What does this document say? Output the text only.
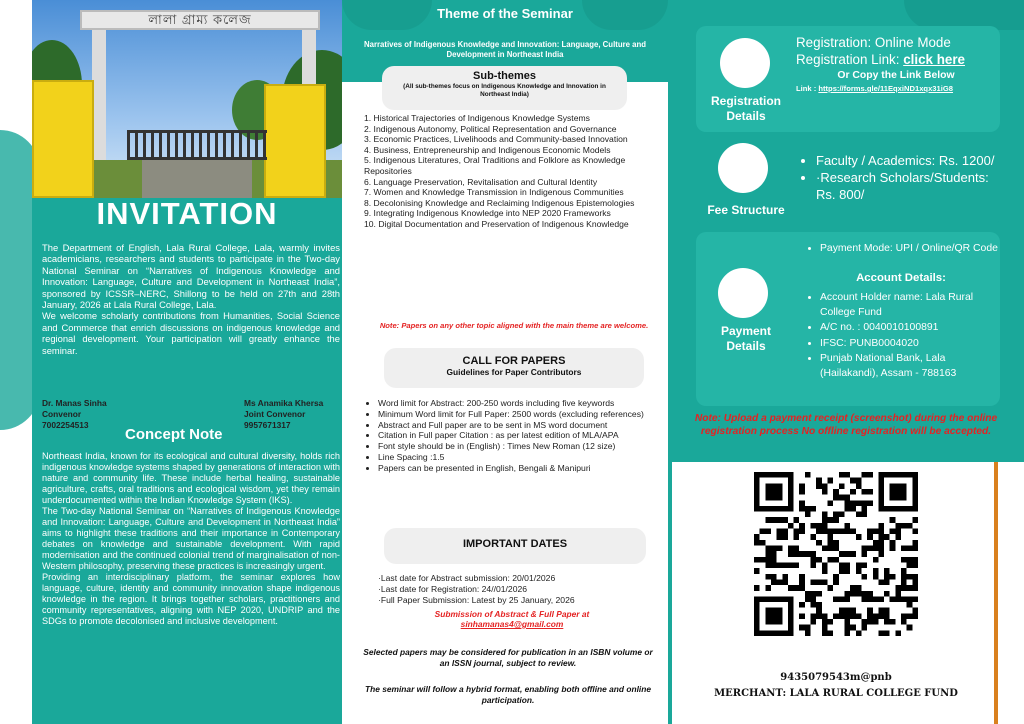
লালা গ্ৰাম্য কলেজ
INVITATION

The Department of English, Lala Rural College, Lala, warmly invites academicians, researchers and students to participate in the Two-day National Seminar on “Narratives of Indigenous Knowledge and Innovation: Language, Culture and Development in Northeast India”, sponsored by ICSSR–NERC, Shillong to be held on 27th and 28th January, 2026 at Lala Rural College, Lala.

We welcome scholarly contributions from Humanities, Social Science and Commerce that enrich discussions on indigenous knowledge and regional development. Your participation will greatly enhance the seminar.

Dr. Manas Sinha
Convenor
7002254513
Ms Anamika Khersa
Joint Convenor
9957671317
Concept Note

Northeast India, known for its ecological and cultural diversity, holds rich indigenous knowledge systems shaped by generations of interaction with nature and community life. These include herbal healing, sustainable agriculture, crafts, oral traditions and ecological wisdom, yet they remain underdocumented within the Indian Knowledge System (IKS).

The Two-day National Seminar on “Narratives of Indigenous Knowledge and Innovation: Language, Culture and Development in Northeast India” aims to highlight these traditions and their importance in Contemporary debates on knowledge and sustainable development. With rapid modernisation and the continued colonial trend of marginalisation of non-Western philosophy, preserving these practices is increasingly urgent.

Providing an interdisciplinary platform, the seminar explores how language, culture, identity and community innovation shape indigenous knowledge in the region. It brings together scholars, practitioners and community representatives, aligning with NEP 2020, UNDRIP and the SDGs to promote decolonised and inclusive development.

Theme of the Seminar
Narratives of Indigenous Knowledge and Innovation: Language, Culture and Development in Northeast India
Sub-themes
(All sub-themes focus on Indigenous Knowledge and Innovation in Northeast India)
1. Historical Trajectories of Indigenous Knowledge Systems
2. Indigenous Autonomy, Political Representation and Governance
3. Economic Practices, Livelihoods and Community-based Innovation
4. Business, Entrepreneurship and Indigenous Economic Models
5. Indigenous Literatures, Oral Traditions and Folklore as Knowledge Repositories
6. Language Preservation, Revitalisation and Cultural Identity
7. Women and Knowledge Transmission in Indigenous Communities
8. Decolonising Knowledge and Reclaiming Indigenous Epistemologies
9. Integrating Indigenous Knowledge into NEP 2020 Frameworks
10. Digital Documentation and Preservation of Indigenous Knowledge
Note: Papers on any other topic aligned with the main theme are welcome.
CALL FOR PAPERS
Guidelines for Paper Contributors
• Word limit for Abstract: 200-250 words including five keywords
• Minimum Word limit for Full Paper: 2500 words (excluding references)
• Abstract and Full paper are to be sent in MS word document
• Citation in Full paper Citation : as per latest edition of MLA/APA
• Font style should be in (English) : Times New Roman (12 size)
• Line Spacing :1.5
• Papers can be presented in English, Bengali & Manipuri
IMPORTANT DATES
·Last date for Abstract submission: 20/01/2026
·Last date for Registration: 24//01/2026
·Full Paper Submission: Latest by 25 January, 2026
Submission of Abstract & Full Paper at
sinhamanas4@gmail.com
Selected papers may be considered for publication in an ISBN volume or an ISSN journal, subject to review.
The seminar will follow a hybrid format, enabling both offline and online participation.
Registration Details
Registration: Online Mode
Registration Link: click here
Or Copy the Link Below
Link : https://forms.gle/11EqxiND1xqx31iG8
Fee Structure
• Faculty / Academics: Rs. 1200/
• ·Research Scholars/Students: Rs. 800/
Payment Details
• Payment Mode: UPI / Online/QR Code
Account Details:
• Account Holder name: Lala Rural College Fund
• A/C no. : 0040010100891
• IFSC: PUNB0004020
• Punjab National Bank, Lala (Hailakandi), Assam - 788163
Note: Upload a payment receipt (screenshot) during the online registration process No offline registration will be accepted.
9435079543m@pnb
MERCHANT: LALA RURAL COLLEGE FUND
